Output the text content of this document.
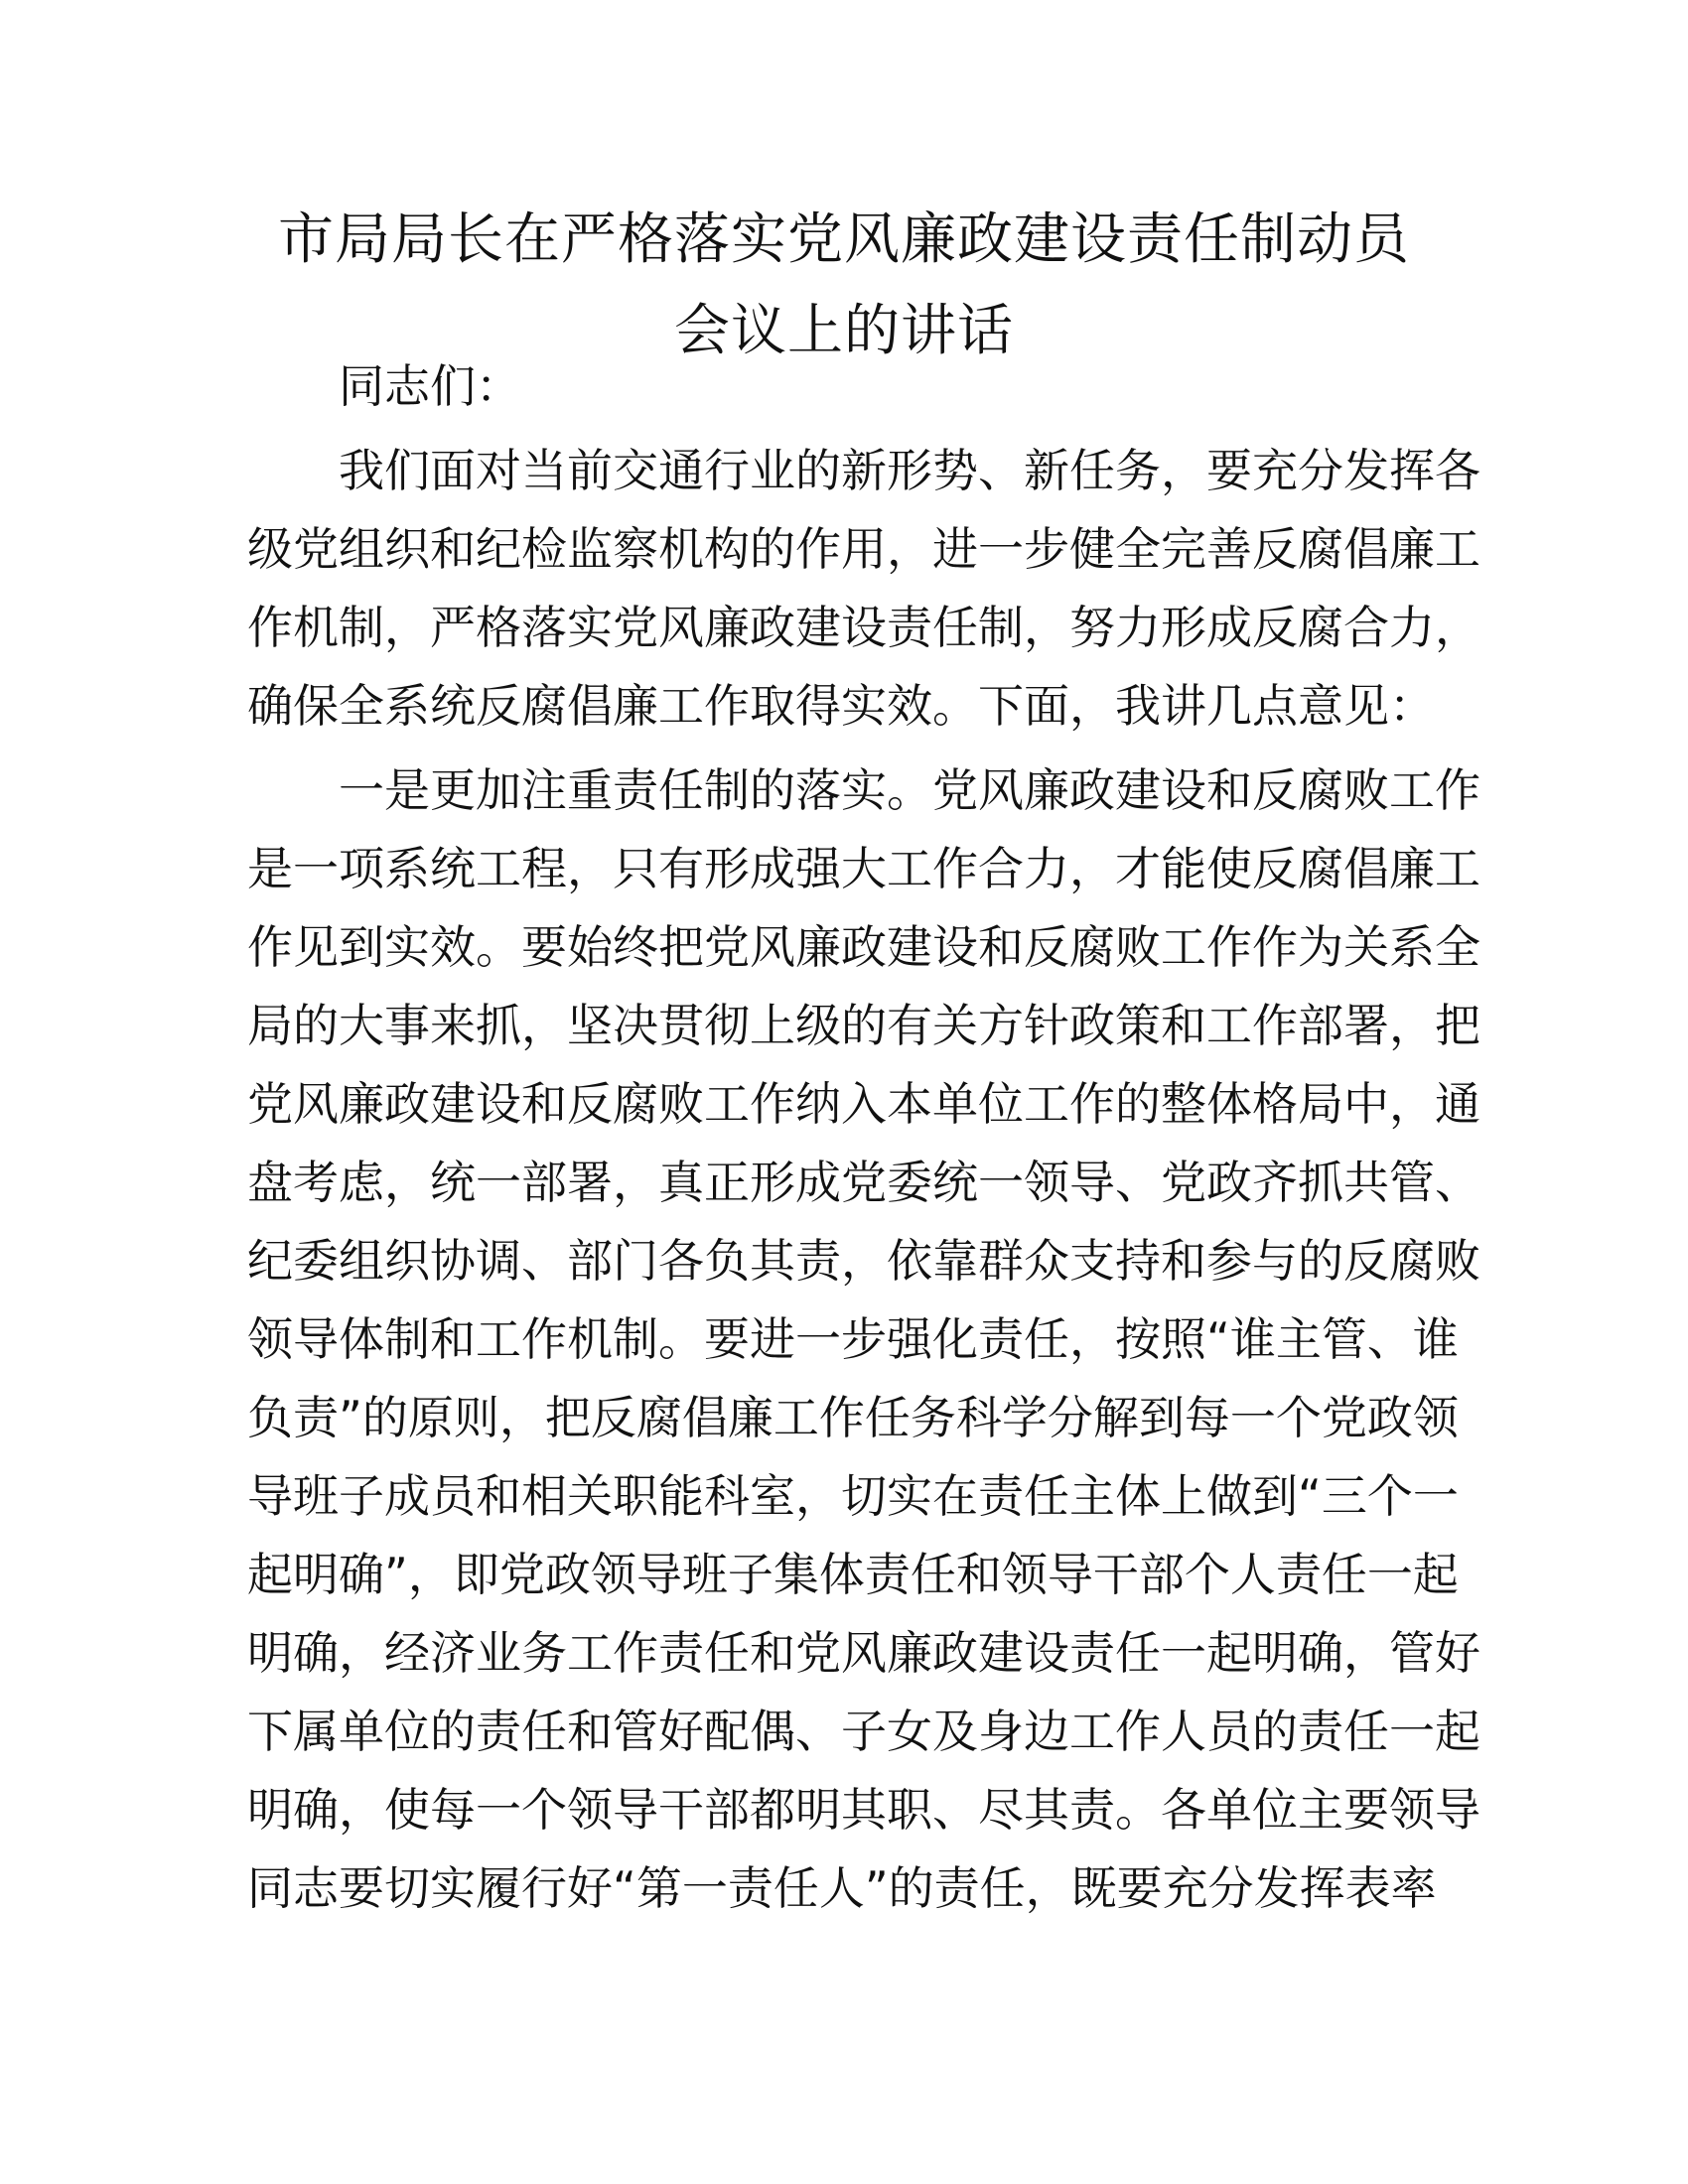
市局局长在严格落实党风廉政建设责任制动员
会议上的讲话
同志们：
我们面对当前交通行业的新形势、新任务，要充分发挥各
级党组织和纪检监察机构的作用，进一步健全完善反腐倡廉工
作机制，严格落实党风廉政建设责任制，努力形成反腐合力，
确保全系统反腐倡廉工作取得实效。下面，我讲几点意见：
一是更加注重责任制的落实。党风廉政建设和反腐败工作
是一项系统工程，只有形成强大工作合力，才能使反腐倡廉工
作见到实效。要始终把党风廉政建设和反腐败工作作为关系全
局的大事来抓，坚决贯彻上级的有关方针政策和工作部署，把
党风廉政建设和反腐败工作纳入本单位工作的整体格局中，通
盘考虑，统一部署，真正形成党委统一领导、党政齐抓共管、
纪委组织协调、部门各负其责，依靠群众支持和参与的反腐败
领导体制和工作机制。要进一步强化责任，按照“谁主管、谁
负责”的原则，把反腐倡廉工作任务科学分解到每一个党政领
导班子成员和相关职能科室，切实在责任主体上做到“三个一
起明确”，即党政领导班子集体责任和领导干部个人责任一起
明确，经济业务工作责任和党风廉政建设责任一起明确，管好
下属单位的责任和管好配偶、子女及身边工作人员的责任一起
明确，使每一个领导干部都明其职、尽其责。各单位主要领导
同志要切实履行好“第一责任人”的责任，既要充分发挥表率
